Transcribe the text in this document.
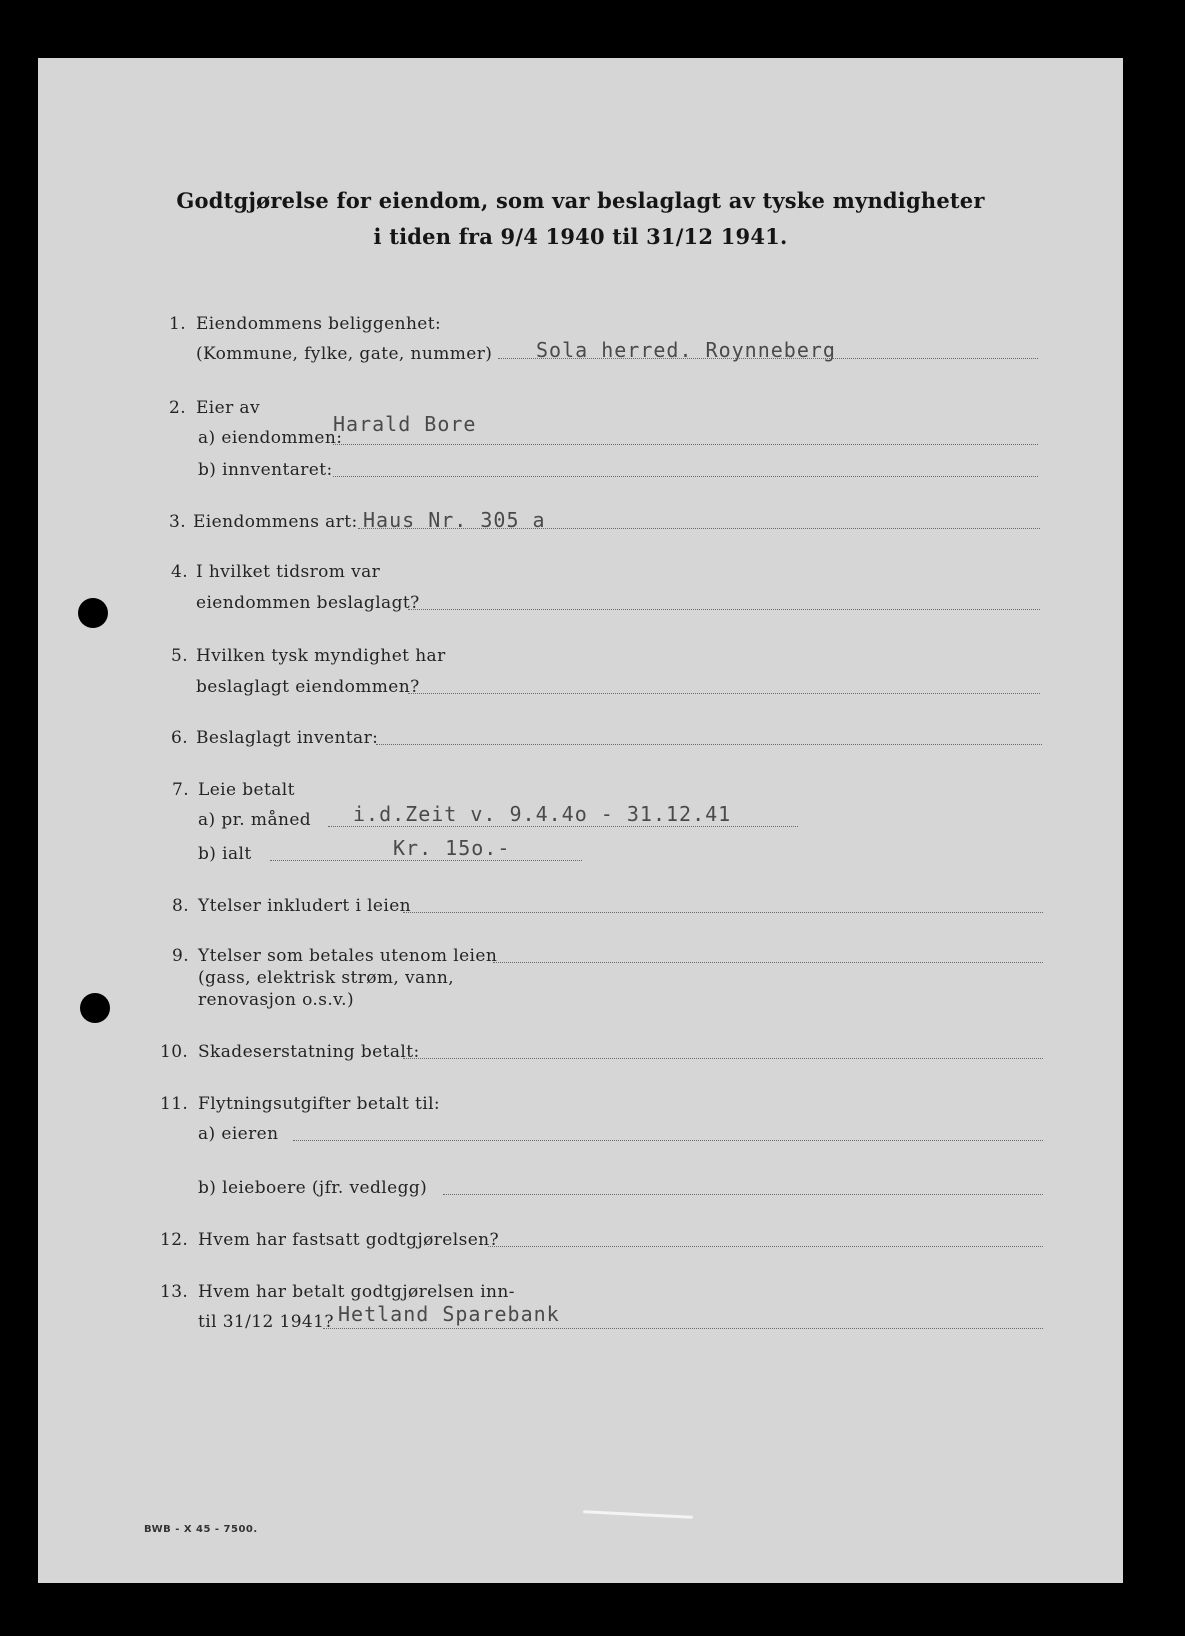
Godtgjørelse for eiendom, som var beslaglagt av tyske myndigheter
i tiden fra 9/4 1940 til 31/12 1941.
1. Eiendommens beliggenhet:
(Kommune, fylke, gate, nummer) Sola herred. Roynneberg
2. Eier av
a) eiendommen:
Harald Bore
b) innventaret:
3. Eiendommens art: Haus Nr. 305 a
4. I hvilket tidsrom var
eiendommen beslaglagt?
5. Hvilken tysk myndighet har
beslaglagt eiendommen?
6. Beslaglagt inventar:
7. Leie betalt
a) pr. måned i.d.Zeit v. 9.4.4o - 31.12.41
b) ialt	Kr. 15o.-
8. Ytelser inkludert i leien
9. Ytelser som betales utenom leien
(gass, elektrisk strøm, vann,
renovasjon o.s.v.)
10. Skadeserstatning betalt:
11. Flytningsutgifter betalt til:
a) eieren
b) leieboere (jfr. vedlegg)
12. Hvem har fastsatt godtgjørelsen?
13. Hvem har betalt godtgjørelsen inn-
til 31/12 1941? Hetland Sparebank
BWB - X 45 - 7500.
